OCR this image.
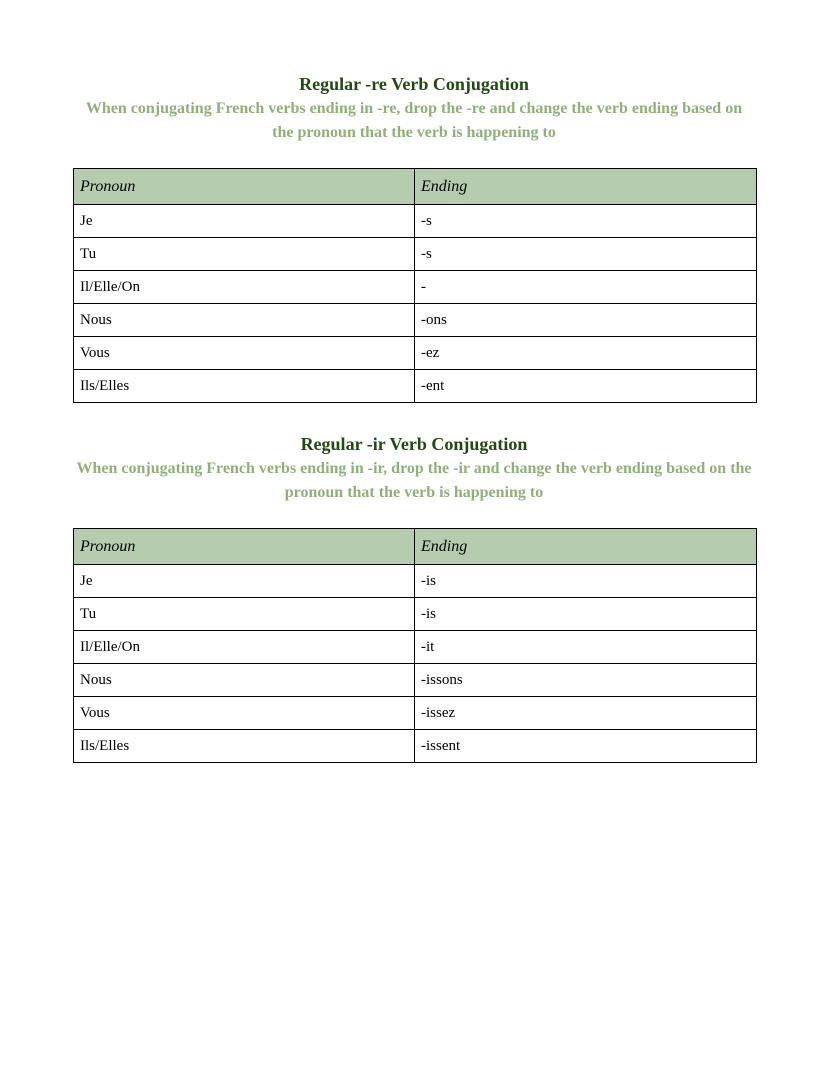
Regular -re Verb Conjugation

When conjugating French verbs ending in -re, drop the -re and change the verb ending based on the pronoun that the verb is happening to

Pronoun	Ending
Je	-s
Tu	-s
Il/Elle/On	-
Nous	-ons
Vous	-ez
Ils/Elles	-ent
Regular -ir Verb Conjugation

When conjugating French verbs ending in -ir, drop the -ir and change the verb ending based on the pronoun that the verb is happening to

Pronoun	Ending
Je	-is
Tu	-is
Il/Elle/On	-it
Nous	-issons
Vous	-issez
Ils/Elles	-issent
